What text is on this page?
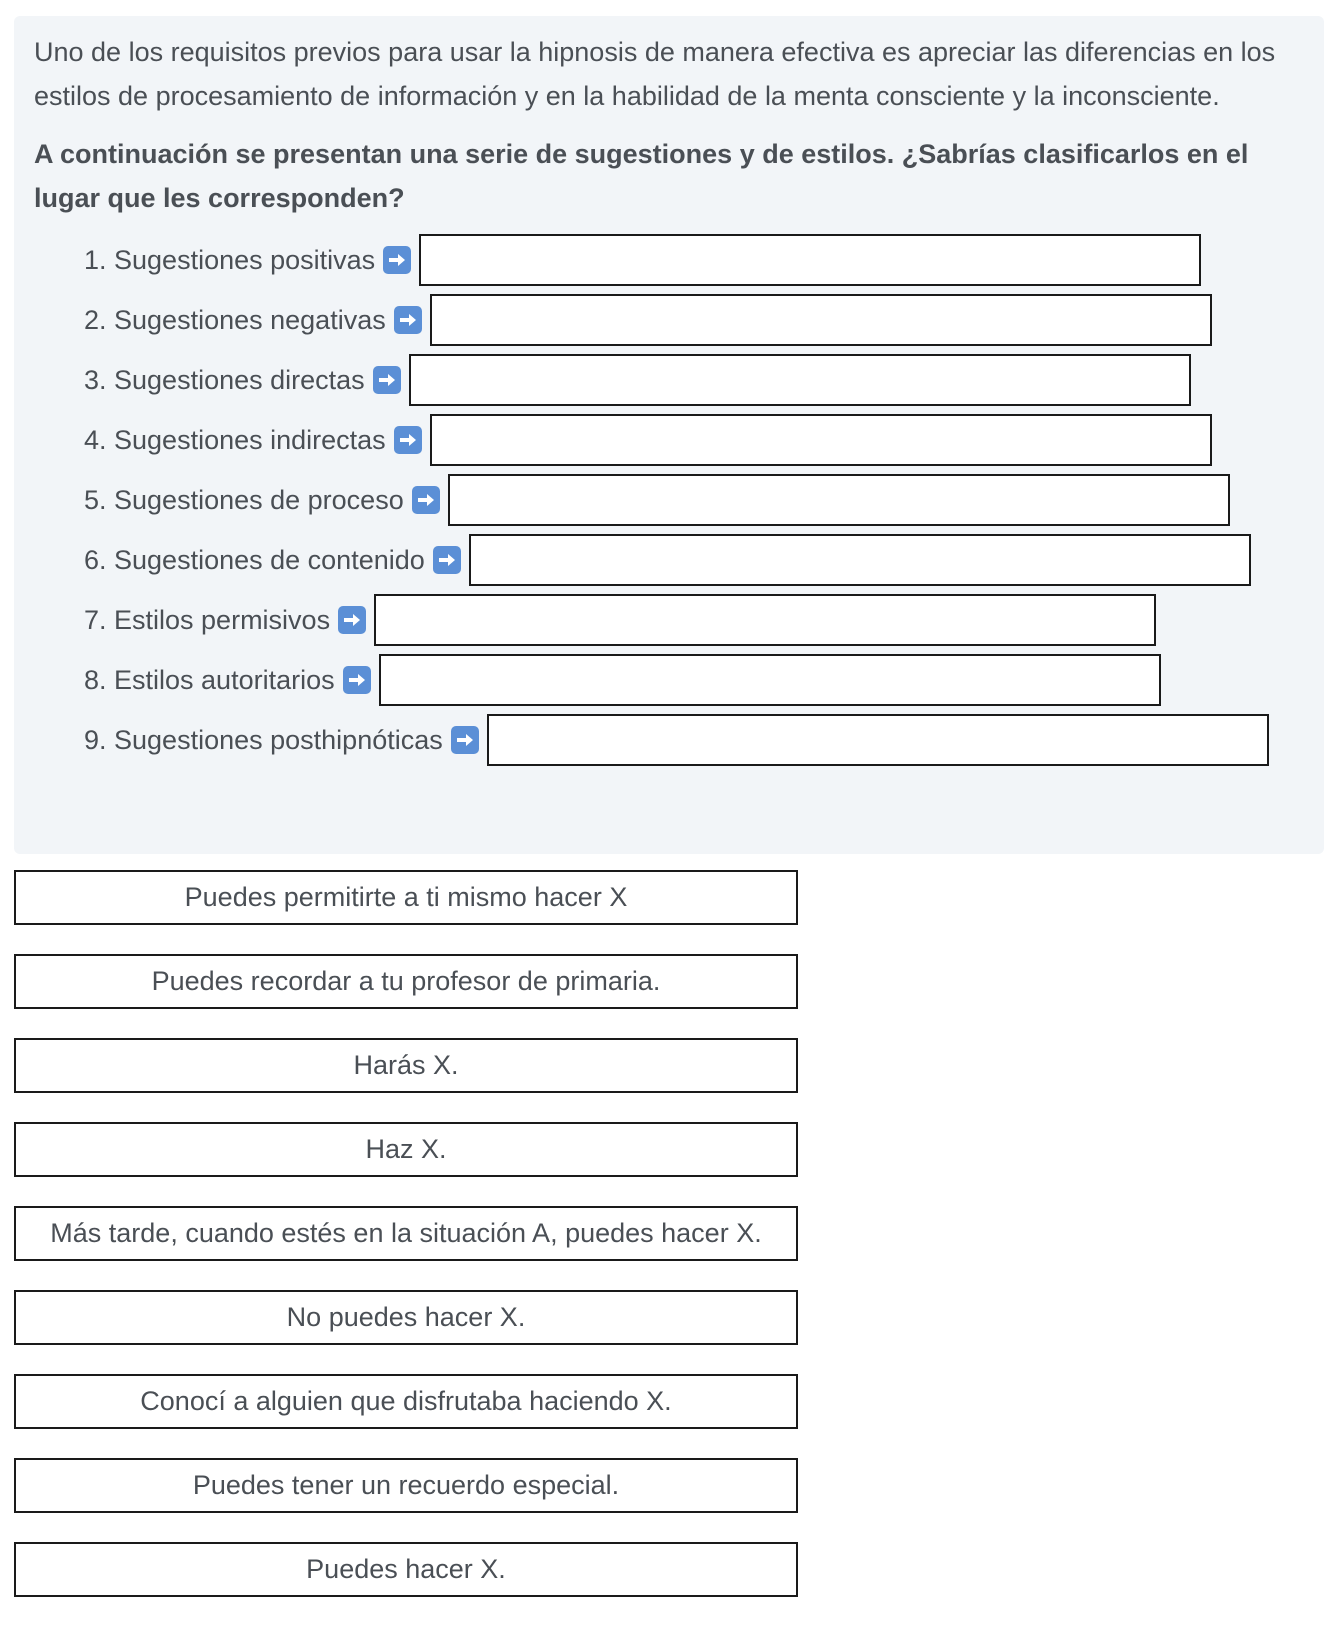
Uno de los requisitos previos para usar la hipnosis de manera efectiva es apreciar las diferencias en los estilos de procesamiento de información y en la habilidad de la menta consciente y la inconsciente.

A continuación se presentan una serie de sugestiones y de estilos. ¿Sabrías clasificarlos en el lugar que les corresponden?

1. Sugestiones positivas
2. Sugestiones negativas
3. Sugestiones directas
4. Sugestiones indirectas
5. Sugestiones de proceso
6. Sugestiones de contenido
7. Estilos permisivos
8. Estilos autoritarios
9. Sugestiones posthipnóticas
Puedes permitirte a ti mismo hacer X
Puedes recordar a tu profesor de primaria.
Harás X.
Haz X.
Más tarde, cuando estés en la situación A, puedes hacer X.
No puedes hacer X.
Conocí a alguien que disfrutaba haciendo X.
Puedes tener un recuerdo especial.
Puedes hacer X.
